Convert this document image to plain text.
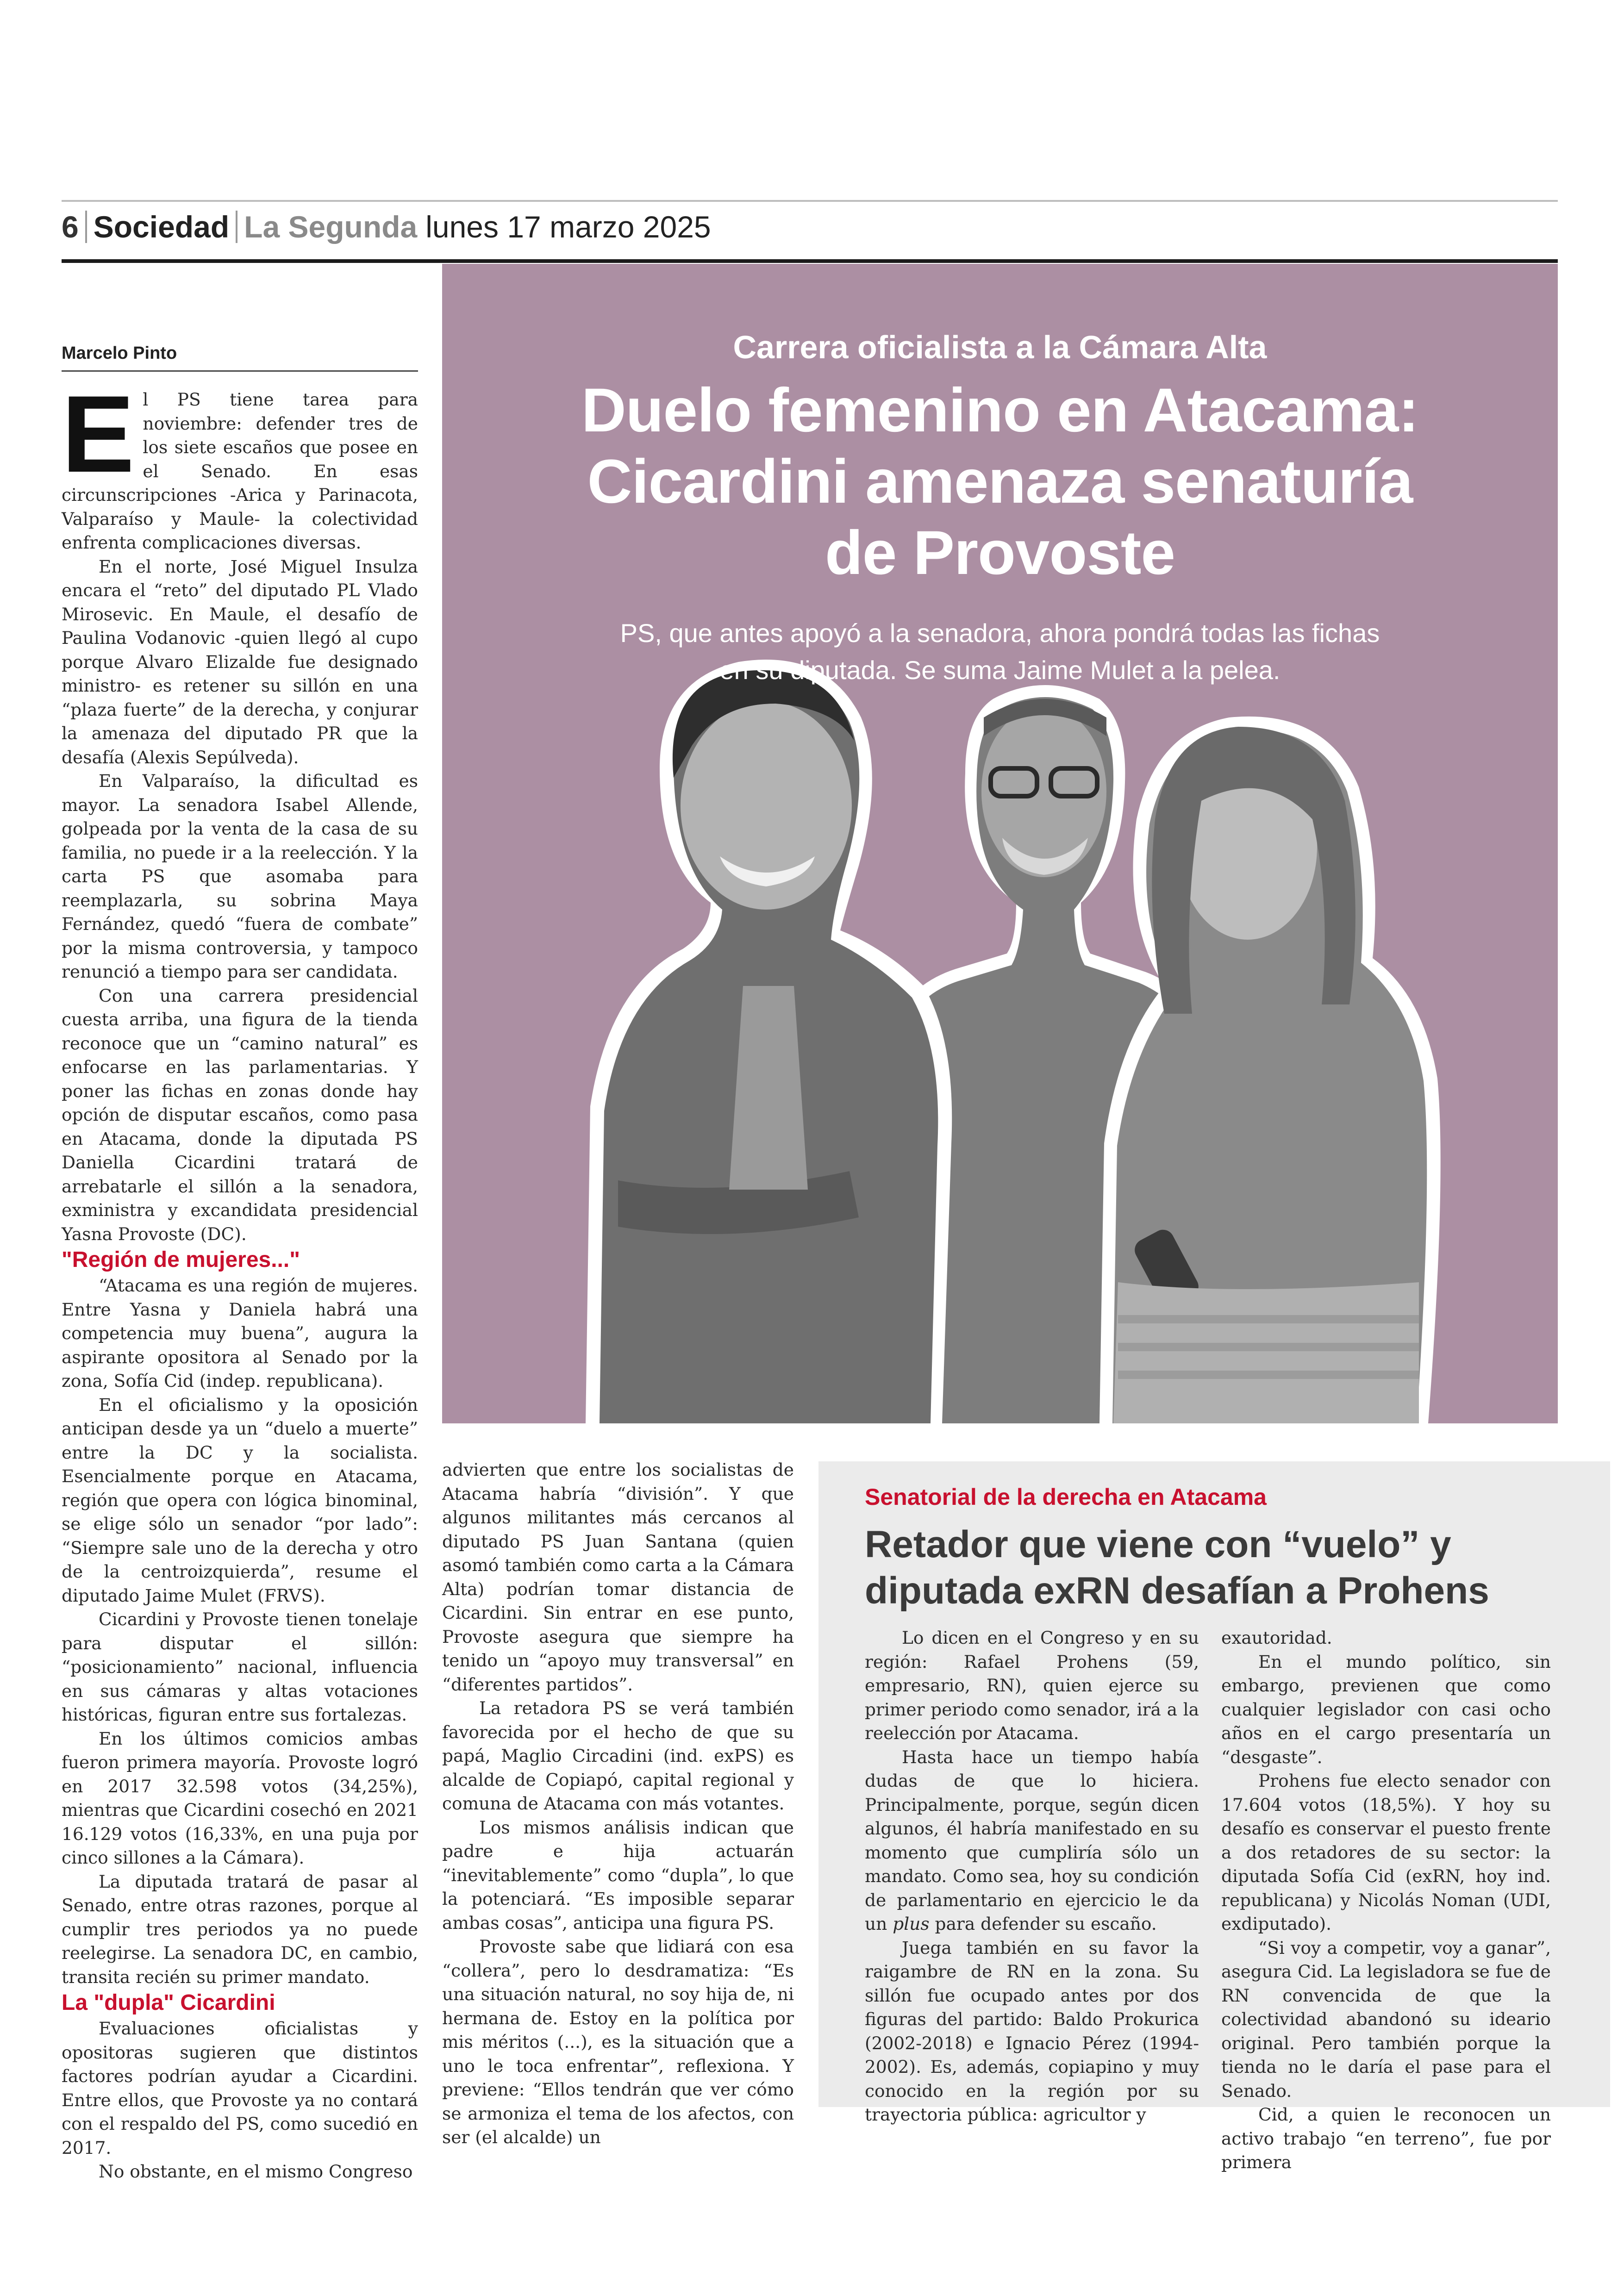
6 Sociedad La Segunda lunes 17 marzo 2025
Marcelo Pinto

El PS tiene tarea para noviembre: defender tres de los siete escaños que posee en el Senado. En esas circunscripciones -Arica y Parinacota, Valparaíso y Maule- la colectividad enfrenta complicaciones diversas.

En el norte, José Miguel Insulza encara el “reto” del diputado PL Vlado Mirosevic. En Maule, el desafío de Paulina Vodanovic -quien llegó al cupo porque Alvaro Elizalde fue designado ministro- es retener su sillón en una “plaza fuerte” de la derecha, y conjurar la amenaza del diputado PR que la desafía (Alexis Sepúlveda).

En Valparaíso, la dificultad es mayor. La senadora Isabel Allende, golpeada por la venta de la casa de su familia, no puede ir a la reelección. Y la carta PS que asomaba para reemplazarla, su sobrina Maya Fernández, quedó “fuera de combate” por la misma controversia, y tampoco renunció a tiempo para ser candidata.

Con una carrera presidencial cuesta arriba, una figura de la tienda reconoce que un “camino natural” es enfocarse en las parlamentarias. Y poner las fichas en zonas donde hay opción de disputar escaños, como pasa en Atacama, donde la diputada PS Daniella Cicardini tratará de arrebatarle el sillón a la senadora, exministra y excandidata presidencial Yasna Provoste (DC).

"Región de mujeres..."

“Atacama es una región de mujeres. Entre Yasna y Daniela habrá una competencia muy buena”, augura la aspirante opositora al Senado por la zona, Sofía Cid (indep. republicana).

En el oficialismo y la oposición anticipan desde ya un “duelo a muerte” entre la DC y la socialista. Esencialmente porque en Atacama, región que opera con lógica binominal, se elige sólo un senador “por lado”: “Siempre sale uno de la derecha y otro de la centroizquierda”, resume el diputado Jaime Mulet (FRVS).

Cicardini y Provoste tienen tonelaje para disputar el sillón: “posicionamiento” nacional, influencia en sus cámaras y altas votaciones históricas, figuran entre sus fortalezas.

En los últimos comicios ambas fueron primera mayoría. Provoste logró en 2017 32.598 votos (34,25%), mientras que Cicardini cosechó en 2021 16.129 votos (16,33%, en una puja por cinco sillones a la Cámara).

La diputada tratará de pasar al Senado, entre otras razones, porque al cumplir tres periodos ya no puede reelegirse. La senadora DC, en cambio, transita recién su primer mandato.

La "dupla" Cicardini

Evaluaciones oficialistas y opositoras sugieren que distintos factores podrían ayudar a Cicardini. Entre ellos, que Provoste ya no contará con el respaldo del PS, como sucedió en 2017.

No obstante, en el mismo Congreso

Carrera oficialista a la Cámara Alta
Duelo femenino en Atacama:
Cicardini amenaza senaturía
de Provoste
PS, que antes apoyó a la senadora, ahora pondrá todas las fichas
en su diputada. Se suma Jaime Mulet a la pelea.

advierten que entre los socialistas de Atacama habría “división”. Y que algunos militantes más cercanos al diputado PS Juan Santana (quien asomó también como carta a la Cámara Alta) podrían tomar distancia de Cicardini. Sin entrar en ese punto, Provoste asegura que siempre ha tenido un “apoyo muy transversal” en “diferentes partidos”.

La retadora PS se verá también favorecida por el hecho de que su papá, Maglio Circadini (ind. exPS) es alcalde de Copiapó, capital regional y comuna de Atacama con más votantes.

Los mismos análisis indican que padre e hija actuarán “inevitablemente” como “dupla”, lo que la potenciará. “Es imposible separar ambas cosas”, anticipa una figura PS.

Provoste sabe que lidiará con esa “collera”, pero lo desdramatiza: “Es una situación natural, no soy hija de, ni hermana de. Estoy en la política por mis méritos (...), es la situación que a uno le toca enfrentar”, reflexiona. Y previene: “Ellos tendrán que ver cómo se armoniza el tema de los afectos, con ser (el alcalde) un

Senatorial de la derecha en Atacama
Retador que viene con “vuelo” y diputada exRN desafían a Prohens

Lo dicen en el Congreso y en su región: Rafael Prohens (59, empresario, RN), quien ejerce su primer periodo como senador, irá a la reelección por Atacama.

Hasta hace un tiempo había dudas de que lo hiciera. Principalmente, porque, según dicen algunos, él habría manifestado en su momento que cumpliría sólo un mandato. Como sea, hoy su condición de parlamentario en ejercicio le da un plus para defender su escaño.

Juega también en su favor la raigambre de RN en la zona. Su sillón fue ocupado antes por dos figuras del partido: Baldo Prokurica (2002-2018) e Ignacio Pérez (1994-2002). Es, además, copiapino y muy conocido en la región por su trayectoria pública: agricultor y

exautoridad.

En el mundo político, sin embargo, previenen que como cualquier legislador con casi ocho años en el cargo presentaría un “desgaste”.

Prohens fue electo senador con 17.604 votos (18,5%). Y hoy su desafío es conservar el puesto frente a dos retadores de su sector: la diputada Sofía Cid (exRN, hoy ind. republicana) y Nicolás Noman (UDI, exdiputado).

“Si voy a competir, voy a ganar”, asegura Cid. La legisladora se fue de RN convencida de que la colectividad abandonó su ideario original. Pero también porque la tienda no le daría el pase para el Senado.

Cid, a quien le reconocen un activo trabajo “en terreno”, fue por primera
